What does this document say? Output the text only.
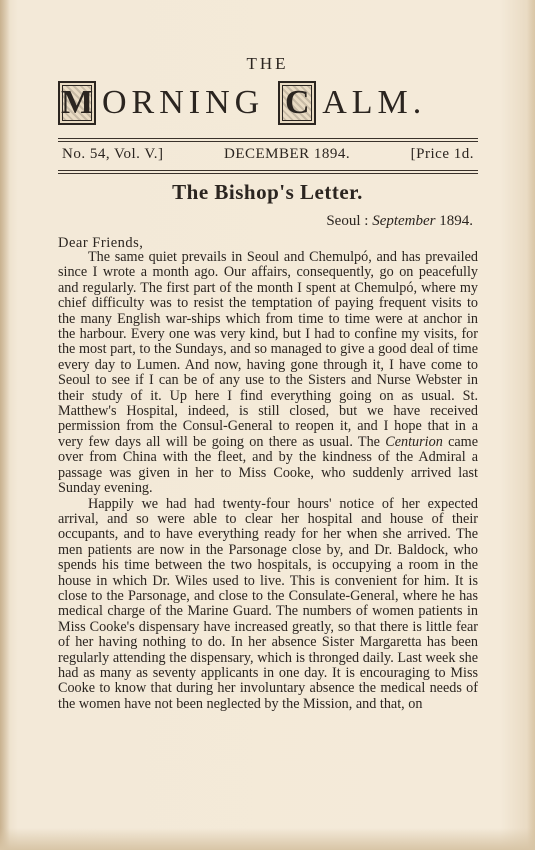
THE
M ORNING C ALM.
No. 54, Vol. V.]	DECEMBER 1894.	[Price 1d.
The Bishop's Letter.
Seoul : September 1894.
Dear Friends,

The same quiet prevails in Seoul and Chemulpó, and has prevailed since I wrote a month ago. Our affairs, consequently, go on peacefully and regularly. The first part of the month I spent at Chemulpó, where my chief difficulty was to resist the temptation of paying frequent visits to the many English war-ships which from time to time were at anchor in the harbour. Every one was very kind, but I had to confine my visits, for the most part, to the Sundays, and so managed to give a good deal of time every day to Lumen. And now, having gone through it, I have come to Seoul to see if I can be of any use to the Sisters and Nurse Webster in their study of it. Up here I find everything going on as usual. St. Matthew's Hospital, indeed, is still closed, but we have received permission from the Consul-General to reopen it, and I hope that in a very few days all will be going on there as usual. The Centurion came over from China with the fleet, and by the kindness of the Admiral a passage was given in her to Miss Cooke, who suddenly arrived last Sunday evening.

Happily we had had twenty-four hours' notice of her expected arrival, and so were able to clear her hospital and house of their occupants, and to have everything ready for her when she arrived. The men patients are now in the Parsonage close by, and Dr. Baldock, who spends his time between the two hospitals, is occupying a room in the house in which Dr. Wiles used to live. This is convenient for him. It is close to the Parsonage, and close to the Consulate-General, where he has medical charge of the Marine Guard. The numbers of women patients in Miss Cooke's dispensary have increased greatly, so that there is little fear of her having nothing to do. In her absence Sister Margaretta has been regularly attending the dispensary, which is thronged daily. Last week she had as many as seventy applicants in one day. It is encouraging to Miss Cooke to know that during her involuntary absence the medical needs of the women have not been neglected by the Mission, and that, on
